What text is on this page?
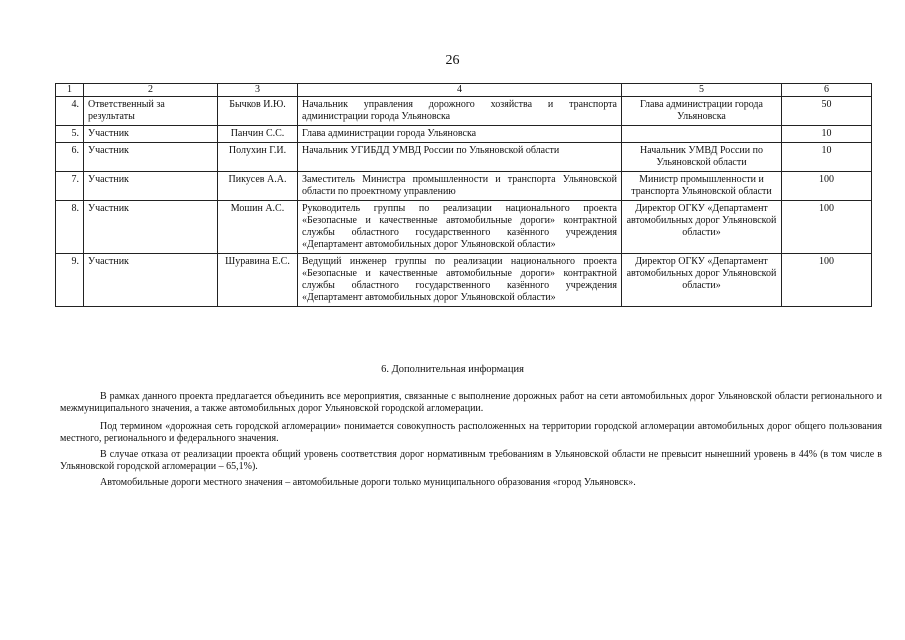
26
1	2	3	4	5	6
4.	Ответственный за результаты	Бычков И.Ю.	Начальник управления дорожного хозяйства и транспорта администрации города Ульяновска	Глава администрации города Ульяновска	50
5.	Участник	Панчин С.С.	Глава администрации города Ульяновска		10
6.	Участник	Полухин Г.И.	Начальник УГИБДД УМВД России по Ульяновской области	Начальник УМВД России по Ульяновской области	10
7.	Участник	Пикусев А.А.	Заместитель Министра промышленности и транспорта Ульяновской области по проектному управлению	Министр промышленности и транспорта Ульяновской области	100
8.	Участник	Мошин А.С.	Руководитель группы по реализации национального проекта «Безопасные и качественные автомобильные дороги» контрактной службы областного государственного казённого учреждения «Департамент автомобильных дорог Ульяновской области»	Директор ОГКУ «Департамент автомобильных дорог Ульяновской области»	100
9.	Участник	Шуравина Е.С.	Ведущий инженер группы по реализации национального проекта «Безопасные и качественные автомобильные дороги» контрактной службы областного государственного казённого учреждения «Департамент автомобильных дорог Ульяновской области»	Директор ОГКУ «Департамент автомобильных дорог Ульяновской области»	100
6. Дополнительная информация
В рамках данного проекта предлагается объединить все мероприятия, связанные с выполнение дорожных работ на сети автомобильных дорог Ульяновской области регионального и межмуниципального значения, а также автомобильных дорог Ульяновской городской агломерации.
Под термином «дорожная сеть городской агломерации» понимается совокупность расположенных на территории городской агломерации автомобильных дорог общего пользования местного, регионального и федерального значения.
В случае отказа от реализации проекта общий уровень соответствия дорог нормативным требованиям в Ульяновской области не превысит нынешний уровень в 44% (в том числе в Ульяновской городской агломерации – 65,1%).
Автомобильные дороги местного значения – автомобильные дороги только муниципального образования «город Ульяновск».
